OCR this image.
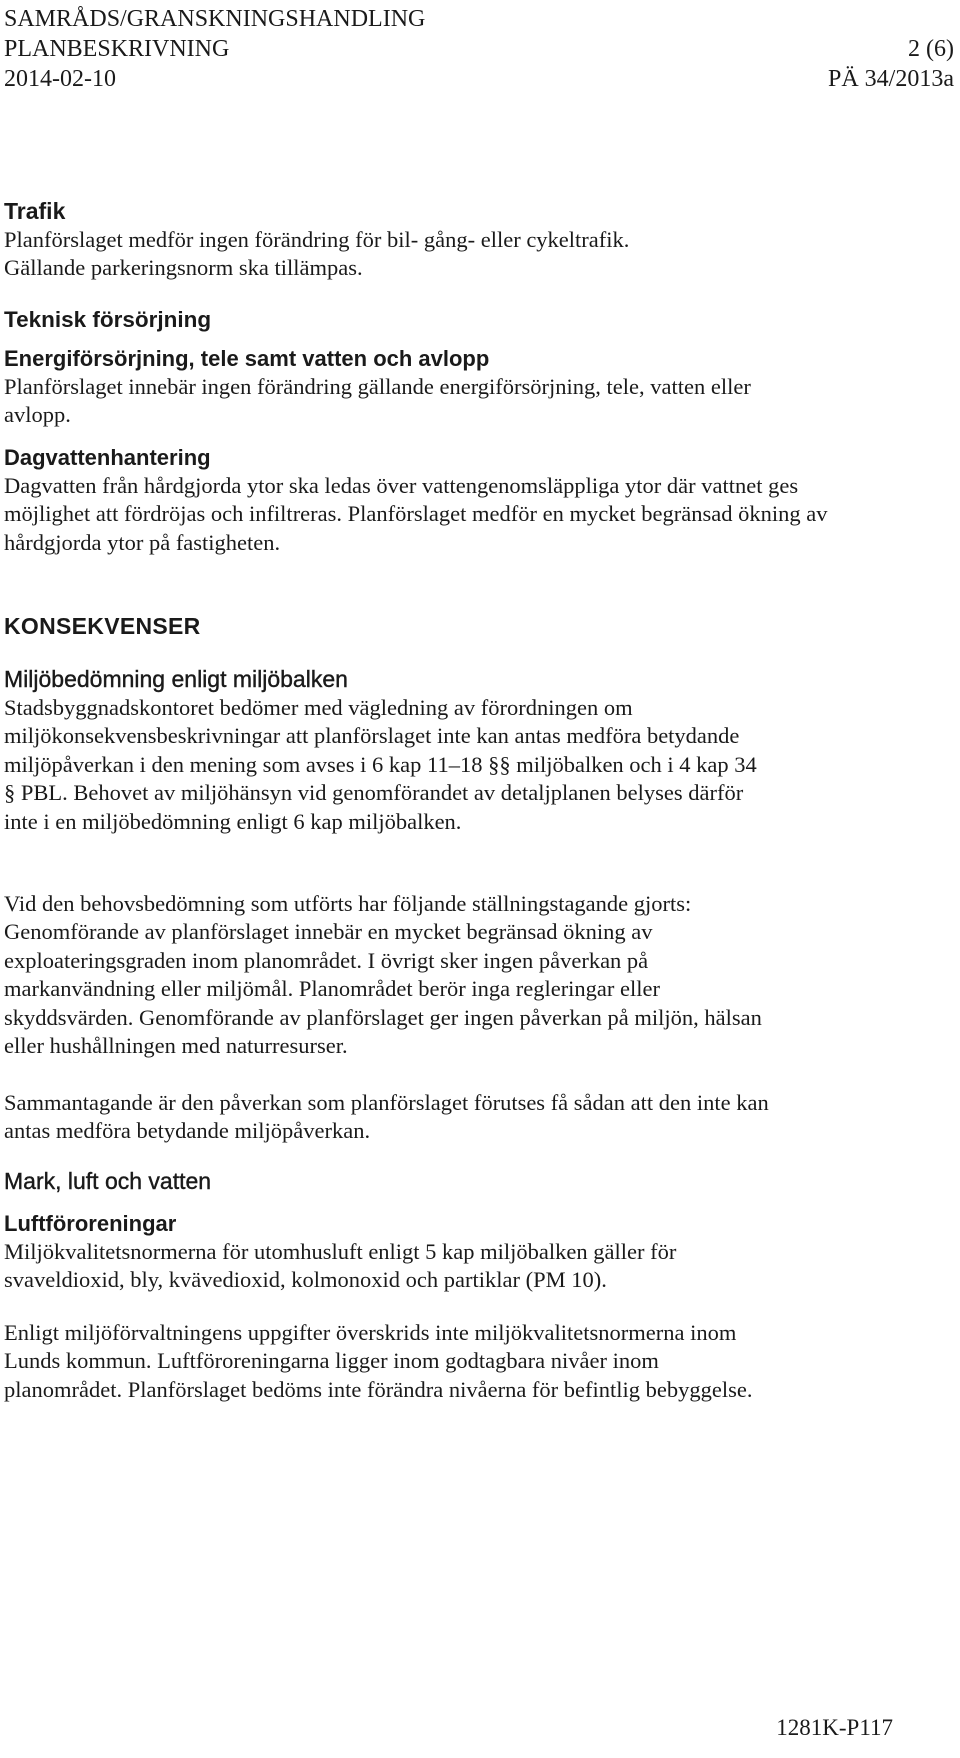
SAMRÅDS/GRANSKNINGSHANDLING
PLANBESKRIVNING	2 (6)
2014-02-10	PÄ 34/2013a
Trafik

Planförslaget medför ingen förändring för bil- gång- eller cykeltrafik.
Gällande parkeringsnorm ska tillämpas.

Teknisk försörjning
Energiförsörjning, tele samt vatten och avlopp

Planförslaget innebär ingen förändring gällande energiförsörjning, tele, vatten eller avlopp.

Dagvattenhantering

Dagvatten från hårdgjorda ytor ska ledas över vattengenomsläppliga ytor där vattnet ges möjlighet att fördröjas och infiltreras. Planförslaget medför en mycket begränsad ökning av hårdgjorda ytor på fastigheten.

KONSEKVENSER
Miljöbedömning enligt miljöbalken

Stadsbyggnadskontoret bedömer med vägledning av förordningen om miljökonsekvensbeskrivningar att planförslaget inte kan antas medföra betydande miljöpåverkan i den mening som avses i 6 kap 11–18 §§ miljöbalken och i 4 kap 34 § PBL. Behovet av miljöhänsyn vid genomförandet av detaljplanen belyses därför inte i en miljöbedömning enligt 6 kap miljöbalken.

Vid den behovsbedömning som utförts har följande ställningstagande gjorts: Genomförande av planförslaget innebär en mycket begränsad ökning av exploateringsgraden inom planområdet. I övrigt sker ingen påverkan på markanvändning eller miljömål. Planområdet berör inga regleringar eller skyddsvärden. Genomförande av planförslaget ger ingen påverkan på miljön, hälsan eller hushållningen med naturresurser.

Sammantagande är den påverkan som planförslaget förutses få sådan att den inte kan antas medföra betydande miljöpåverkan.

Mark, luft och vatten
Luftföroreningar

Miljökvalitetsnormerna för utomhusluft enligt 5 kap miljöbalken gäller för svaveldioxid, bly, kvävedioxid, kolmonoxid och partiklar (PM 10).

Enligt miljöförvaltningens uppgifter överskrids inte miljökvalitetsnormerna inom Lunds kommun. Luftföroreningarna ligger inom godtagbara nivåer inom planområdet. Planförslaget bedöms inte förändra nivåerna för befintlig bebyggelse.

1281K-P117
